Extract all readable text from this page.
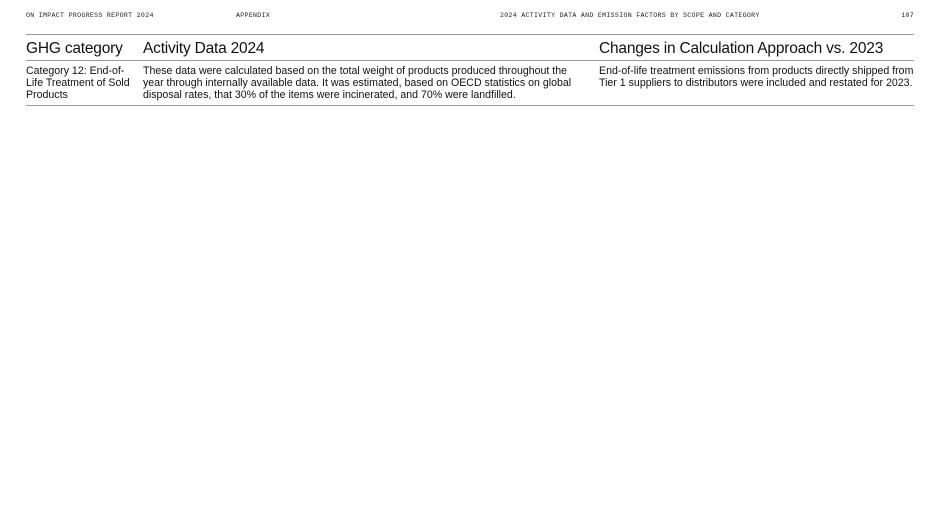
ON IMPACT PROGRESS REPORT 2024	APPENDIX	2024 ACTIVITY DATA AND EMISSION FACTORS BY SCOPE AND CATEGORY	107
GHG category	Activity Data 2024	Changes in Calculation Approach vs. 2023
Category 12: End-of-Life Treatment of Sold Products	These data were calculated based on the total weight of products produced throughout the year through internally available data. It was estimated, based on OECD statistics on global disposal rates, that 30% of the items were incinerated, and 70% were landfilled.	End-of-life treatment emissions from products directly shipped from Tier 1 suppliers to distributors were included and restated for 2023.
